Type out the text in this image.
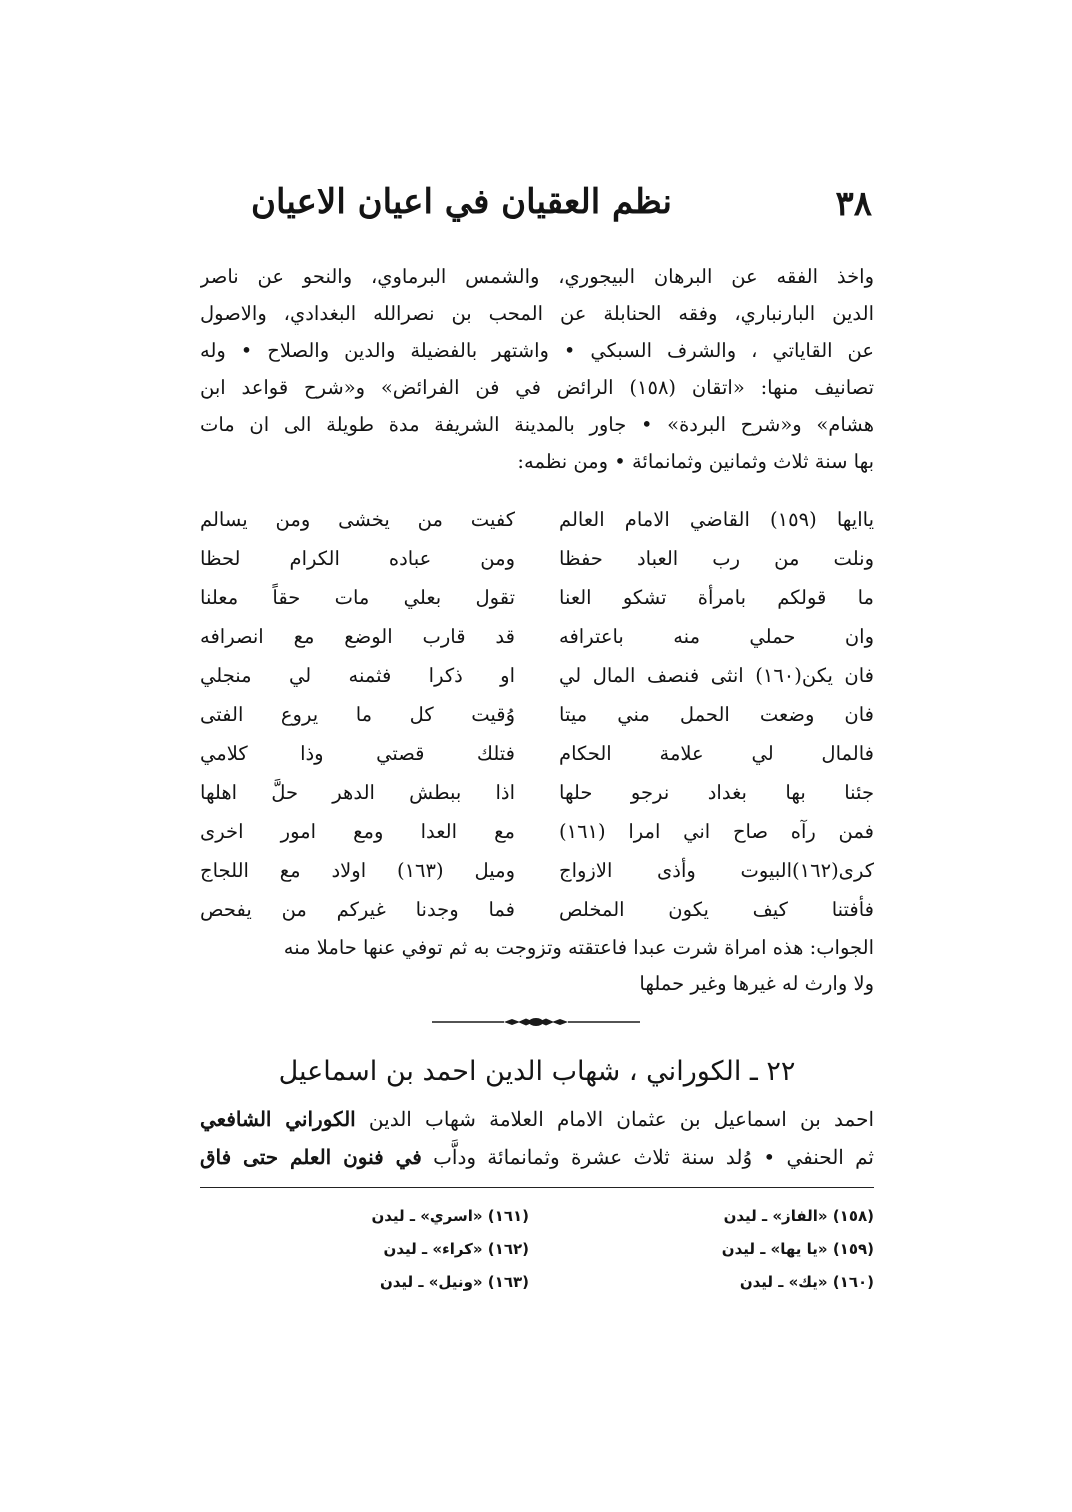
٣٨
نظم العقيان في اعيان الاعيان
واخذ الفقه عن البرهان البيجوري، والشمس البرماوي، والنحو عن ناصر
الدين البارنباري، وفقه الحنابلة عن المحب بن نصرالله البغدادي، والاصول
عن القاياتي ، والشرف السبكي • واشتهر بالفضيلة والدين والصلاح • وله
تصانيف منها: «اتقان (١٥٨) الرائض في فن الفرائض» و«شرح قواعد ابن
هشام» و«شرح البردة» • جاور بالمدينة الشريفة مدة طويلة الى ان مات
بها سنة ثلاث وثمانين وثمانمائة • ومن نظمه:
ياايها (١٥٩) القاضي الامام العالم
كفيت من يخشى ومن يسالم
ونلت من رب العباد حفظا
ومن عباده الكرام لحظا
ما قولكم بامرأة تشكو العنا
تقول بعلي مات حقاً معلنا
وان حملي منه باعترافه
قد قارب الوضع مع انصرافه
فان يكن(١٦٠) انثى فنصف المال لي
او ذكرا فثمنه لي منجلي
فان وضعت الحمل مني ميتا
وُقيت كل ما يروع الفتى
فالمال لي علامة الحكام
فتلك قصتي وذا كلامي
جئنا بها بغداد نرجو حلها
اذا ببطش الدهر حلَّ اهلها
فمن رآه صاح اني امرا (١٦١)
مع العدا ومع امور اخرى
كرى(١٦٢)البيوت وأذى الازواج
وميل (١٦٣) اولاد مع اللجاج
فأفتنا كيف يكون المخلص
فما وجدنا غيركم من يفحص
الجواب: هذه امراة شرت عبدا فاعتقته وتزوجت به ثم توفي عنها حاملا منه
ولا وارث له غيرها وغير حملها
٢٢ ـ الكوراني ، شهاب الدين احمد بن اسماعيل
احمد بن اسماعيل بن عثمان الامام العلامة شهاب الدين الكوراني الشافعي
ثم الحنفي • وُلد سنة ثلاث عشرة وثمانمائة وداَّب في فنون العلم حتى فاق
(١٥٨) «الفاز» ـ ليدن
(١٥٩) «يا يها» ـ ليدن
(١٦٠) «يك» ـ ليدن
(١٦١) «اسري» ـ ليدن
(١٦٢) «كراء» ـ ليدن
(١٦٣) «ونيل» ـ ليدن
